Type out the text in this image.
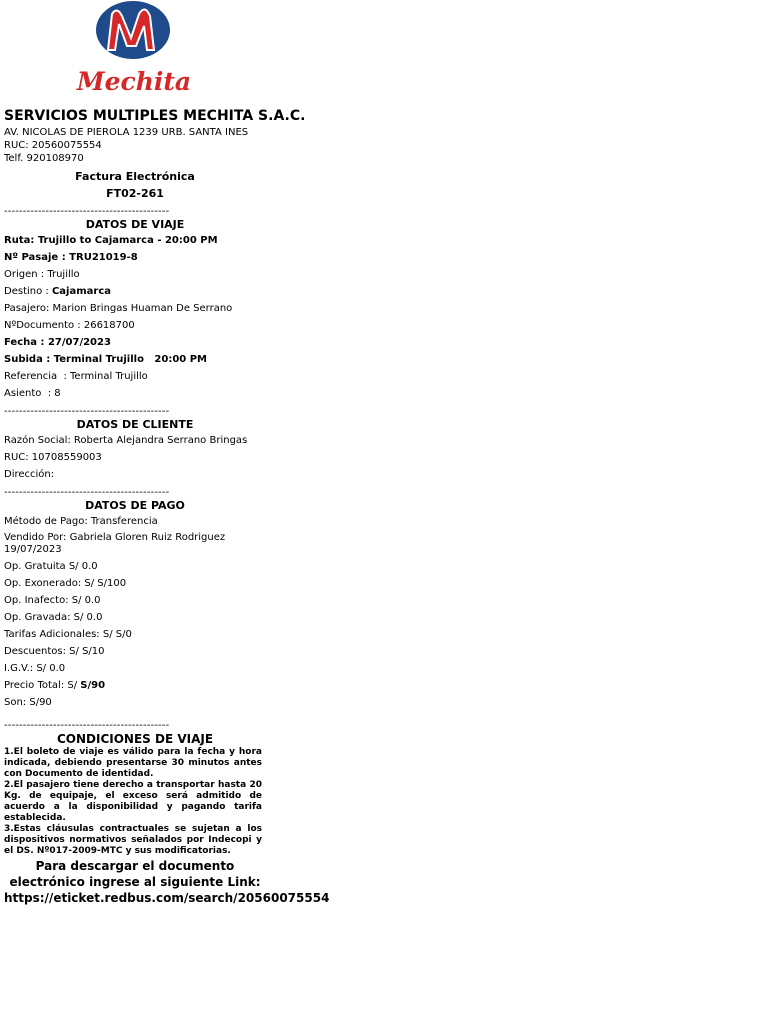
Mechita
SERVICIOS MULTIPLES MECHITA S.A.C.
AV. NICOLAS DE PIEROLA 1239 URB. SANTA INES
RUC: 20560075554
Telf. 920108970
Factura Electrónica
FT02-261
--------------------------------------------
DATOS DE VIAJE
Ruta: Trujillo to Cajamarca - 20:00 PM
Nº Pasaje : TRU21019-8
Origen : Trujillo
Destino : Cajamarca
Pasajero: Marion Bringas Huaman De Serrano
NºDocumento : 26618700
Fecha : 27/07/2023
Subida : Terminal Trujillo   20:00 PM
Referencia  : Terminal Trujillo
Asiento  : 8
--------------------------------------------
DATOS DE CLIENTE
Razón Social: Roberta Alejandra Serrano Bringas
RUC: 10708559003
Dirección:
--------------------------------------------
DATOS DE PAGO
Método de Pago: Transferencia
Vendido Por: Gabriela Gloren Ruiz Rodriguez
19/07/2023
Op. Gratuita S/ 0.0
Op. Exonerado: S/ S/100
Op. Inafecto: S/ 0.0
Op. Gravada: S/ 0.0
Tarifas Adicionales: S/ S/0
Descuentos: S/ S/10
I.G.V.: S/ 0.0
Precio Total: S/ S/90
Son: S/90
--------------------------------------------
CONDICIONES DE VIAJE
1.El boleto de viaje es válido para la fecha y hora indicada, debiendo presentarse 30 minutos antes con Documento de identidad.
2.El pasajero tiene derecho a transportar hasta 20 Kg. de equipaje, el exceso será admitido de acuerdo a la disponibilidad y pagando tarifa establecida.
3.Estas cláusulas contractuales se sujetan a los dispositivos normativos señalados por Indecopi y el DS. Nº017-2009-MTC y sus modificatorias.
Para descargar el documento electrónico ingrese al siguiente Link:
https://eticket.redbus.com/search/20560075554
